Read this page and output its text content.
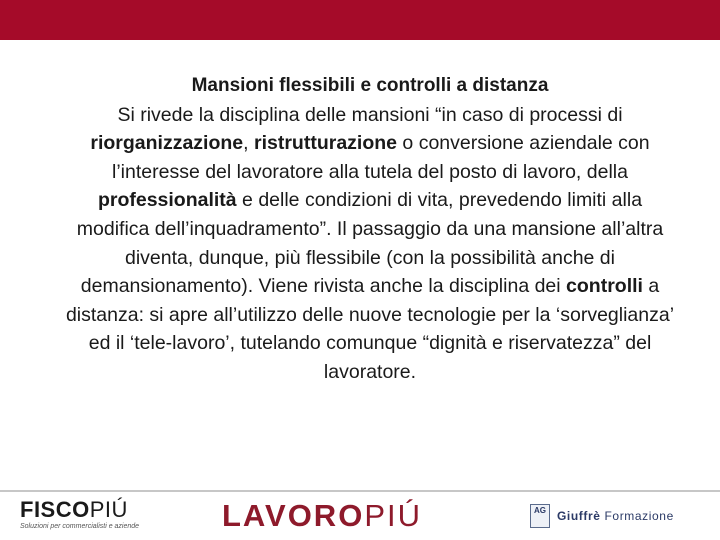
Mansioni flessibili e controlli a distanza
Si rivede la disciplina delle mansioni “in caso di processi di riorganizzazione, ristrutturazione o conversione aziendale con l’interesse del lavoratore alla tutela del posto di lavoro, della professionalità e delle condizioni di vita, prevedendo limiti alla modifica dell’inquadramento”. Il passaggio da una mansione all’altra diventa, dunque, più flessibile (con la possibilità anche di demansionamento). Viene rivista anche la disciplina dei controlli a distanza: si apre all’utilizzo delle nuove tecnologie per la ‘sorveglianza’ ed il ‘tele-lavoro’, tutelando comunque “dignità e riservatezza” del lavoratore.
FISCOPIÚ
Soluzioni per commercialisti e aziende	LAVOROPIÚ	AG Giuffrè Formazione
